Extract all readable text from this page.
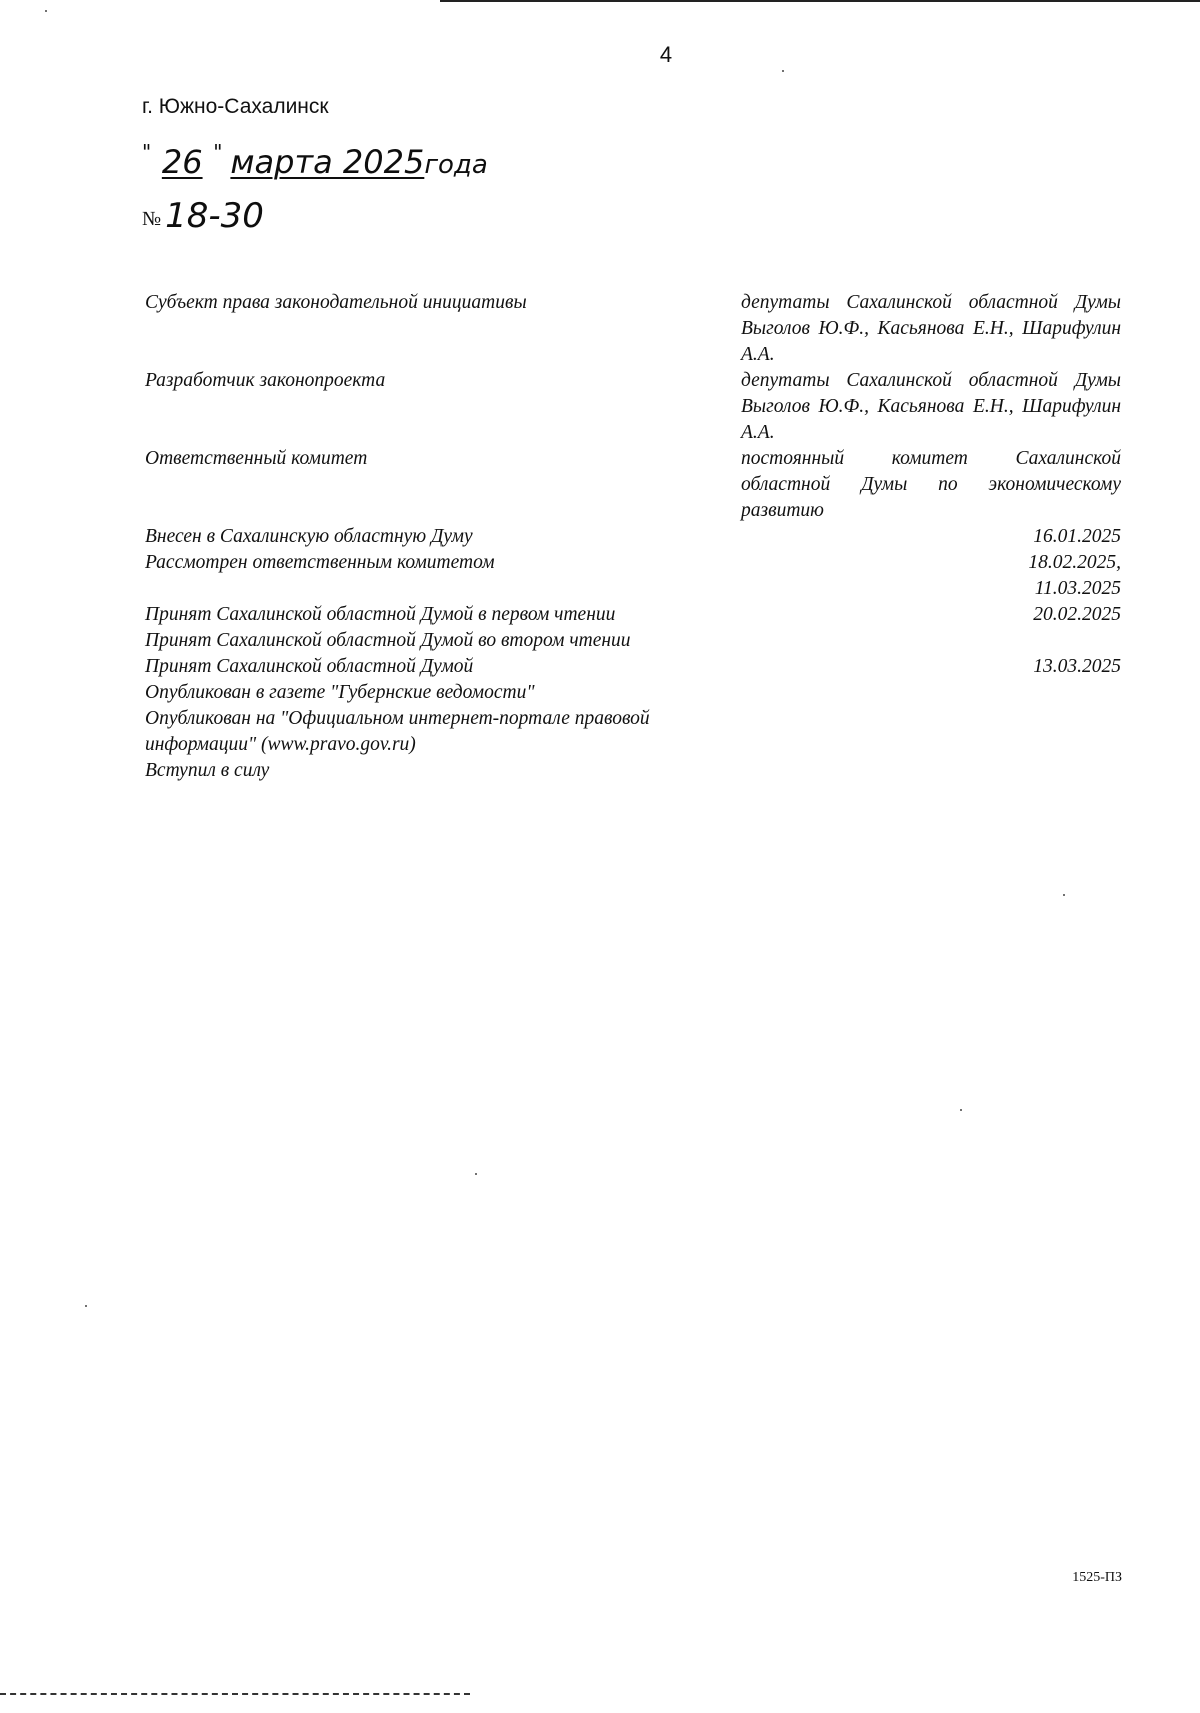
4
г. Южно-Сахалинск
" 26 " марта 2025года
№ 18-30
Субъект права законодательной инициативы	депутаты Сахалинской областной Думы Выголов Ю.Ф., Касьянова Е.Н., Шарифулин А.А.
Разработчик законопроекта	депутаты Сахалинской областной Думы Выголов Ю.Ф., Касьянова Е.Н., Шарифулин А.А.
Ответственный комитет	постоянный комитет Сахалинской областной Думы по экономическому развитию
Внесен в Сахалинскую областную Думу	16.01.2025
Рассмотрен ответственным комитетом	18.02.2025, 11.03.2025
Принят Сахалинской областной Думой в первом чтении	20.02.2025
Принят Сахалинской областной Думой во втором чтении
Принят Сахалинской областной Думой	13.03.2025
Опубликован в газете "Губернские ведомости"
Опубликован на "Официальном интернет-портале правовой информации" (www.pravo.gov.ru)
Вступил в силу
1525-ПЗ
